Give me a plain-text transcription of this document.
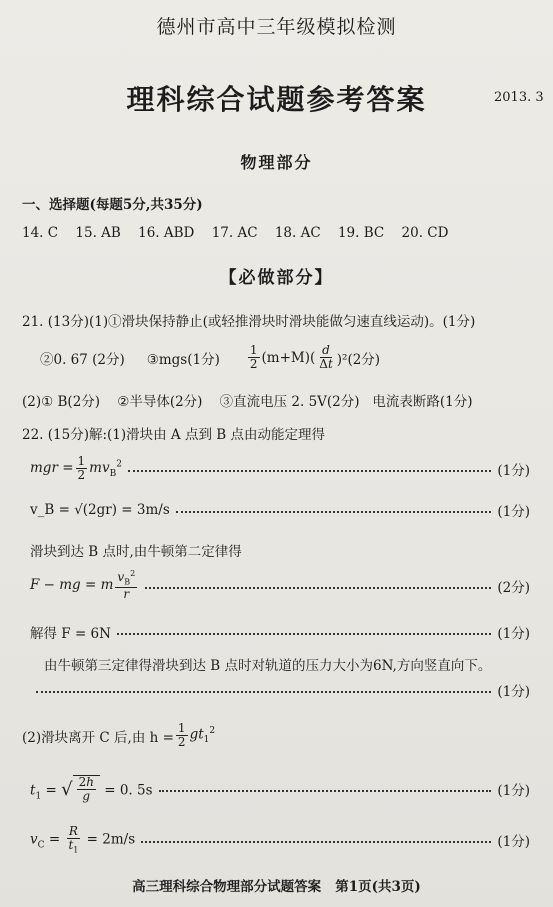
德州市高中三年级模拟检测
理科综合试题参考答案	2013. 3
物理部分
一、选择题(每题5分,共35分)
14. C 15. AB 16. ABD 17. AC 18. AC 19. BC 20. CD
【必做部分】
21. (13分)(1)①滑块保持静止(或轻推滑块时滑块能做匀速直线运动)。(1分)
②0. 67 (2分) ③mgs(1分) $\frac{1}{2} (m+M)( \frac{d}{\Delta t} )^2(2$分)
(2)① B(2分)    ②半导体(2分)    ③直流电压 2. 5V(2分)   电流表断路(1分)
22. (15分)解:(1)滑块由 A 点到 B 点由动能定理得
mgr = $\frac{1}{2} mv_B^2$	(1分)
v_B = √(2gr) = 3m/s	(1分)
滑块到达 B 点时,由牛顿第二定律得
F − mg = m $\frac{v_B^2}{r}$	(2分)
解得 F = 6N	(1分)
由牛顿第三定律得滑块到达 B 点时对轨道的压力大小为6N,方向竖直向下。
(1分)
(2)滑块离开 C 后,由 $h = \frac{1}{2} gt_1^2$
$t_1$ = √ $\frac{2h}{g} = 0$. 5s	(1分)
$v_C = \frac{R}{t_1} = 2m/s$	(1分)
高三理科综合物理部分试题答案   第1页(共3页)
